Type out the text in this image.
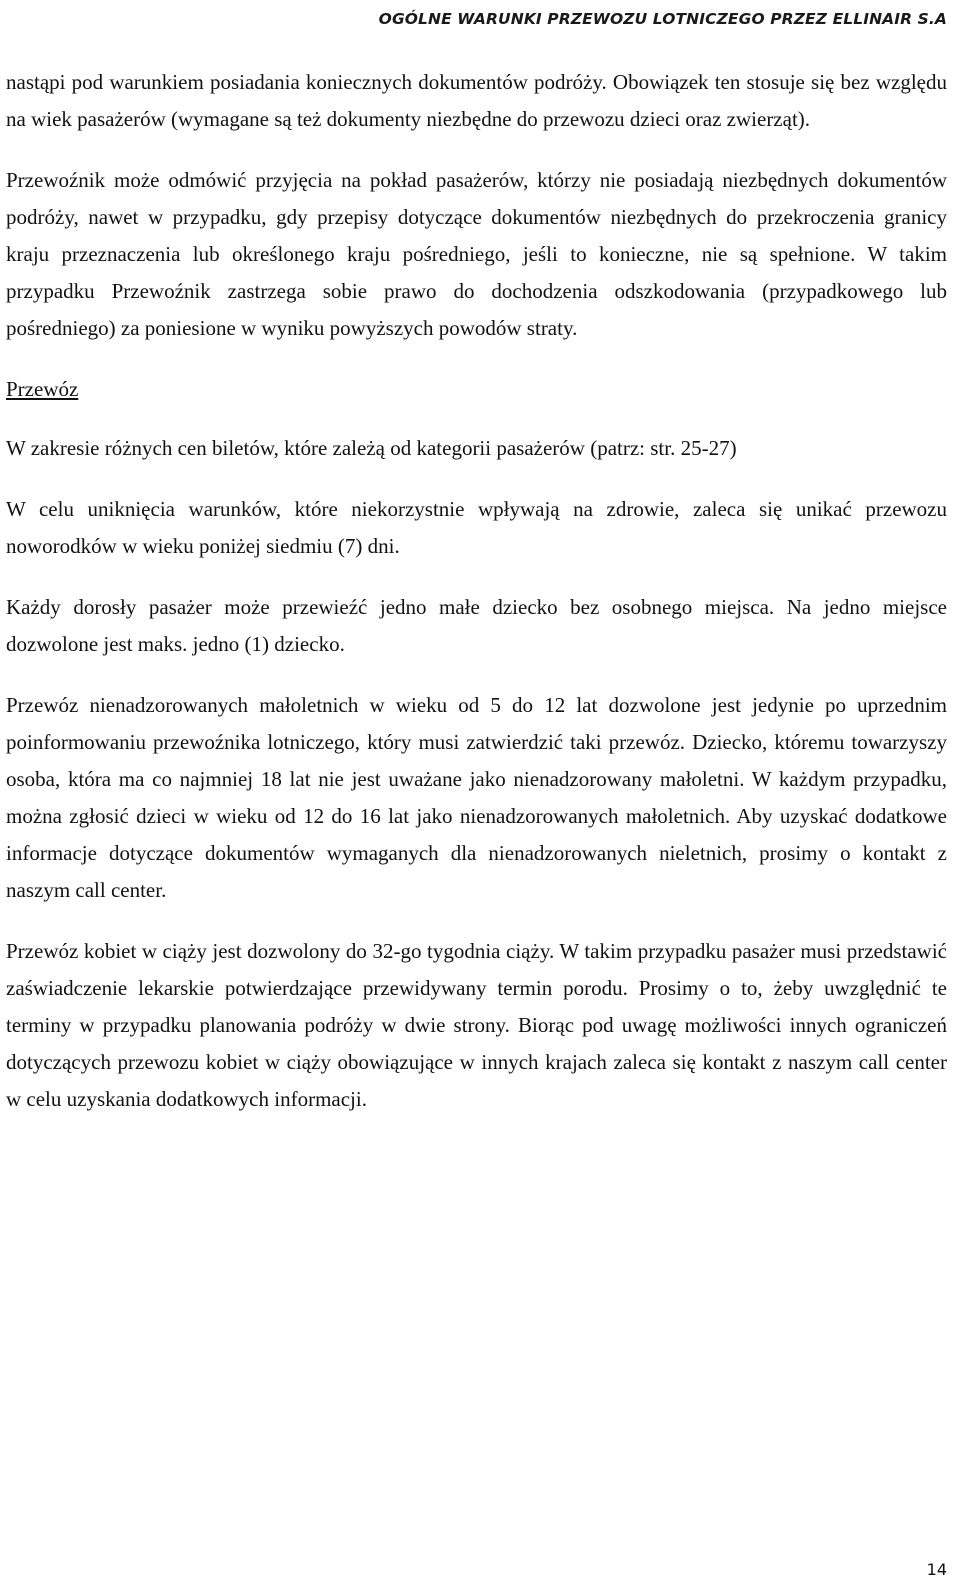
OGÓLNE WARUNKI PRZEWOZU LOTNICZEGO PRZEZ ELLINAIR S.A

nastąpi pod warunkiem posiadania koniecznych dokumentów podróży. Obowiązek ten stosuje się bez względu na wiek pasażerów (wymagane są też dokumenty niezbędne do przewozu dzieci oraz zwierząt).

Przewoźnik może odmówić przyjęcia na pokład pasażerów, którzy nie posiadają niezbędnych dokumentów podróży, nawet w przypadku, gdy przepisy dotyczące dokumentów niezbędnych do przekroczenia granicy kraju przeznaczenia lub określonego kraju pośredniego, jeśli to konieczne, nie są spełnione. W takim przypadku Przewoźnik zastrzega sobie prawo do dochodzenia odszkodowania (przypadkowego lub pośredniego) za poniesione w wyniku powyższych powodów straty.

Przewóz

W zakresie różnych cen biletów, które zależą od kategorii pasażerów (patrz: str. 25-27)

W celu uniknięcia warunków, które niekorzystnie wpływają na zdrowie, zaleca się unikać przewozu noworodków w wieku poniżej siedmiu (7) dni.

Każdy dorosły pasażer może przewieźć jedno małe dziecko bez osobnego miejsca. Na jedno miejsce dozwolone jest maks. jedno (1) dziecko.

Przewóz nienadzorowanych małoletnich w wieku od 5 do 12 lat dozwolone jest jedynie po uprzednim poinformowaniu przewoźnika lotniczego, który musi zatwierdzić taki przewóz. Dziecko, któremu towarzyszy osoba, która ma co najmniej 18 lat nie jest uważane jako nienadzorowany małoletni. W każdym przypadku, można zgłosić dzieci w wieku od 12 do 16 lat jako nienadzorowanych małoletnich. Aby uzyskać dodatkowe informacje dotyczące dokumentów wymaganych dla nienadzorowanych nieletnich, prosimy o kontakt z naszym call center.

Przewóz kobiet w ciąży jest dozwolony do 32-go tygodnia ciąży. W takim przypadku pasażer musi przedstawić zaświadczenie lekarskie potwierdzające przewidywany termin porodu. Prosimy o to, żeby uwzględnić te terminy w przypadku planowania podróży w dwie strony. Biorąc pod uwagę możliwości innych ograniczeń dotyczących przewozu kobiet w ciąży obowiązujące w innych krajach zaleca się kontakt z naszym call center w celu uzyskania dodatkowych informacji.

14
